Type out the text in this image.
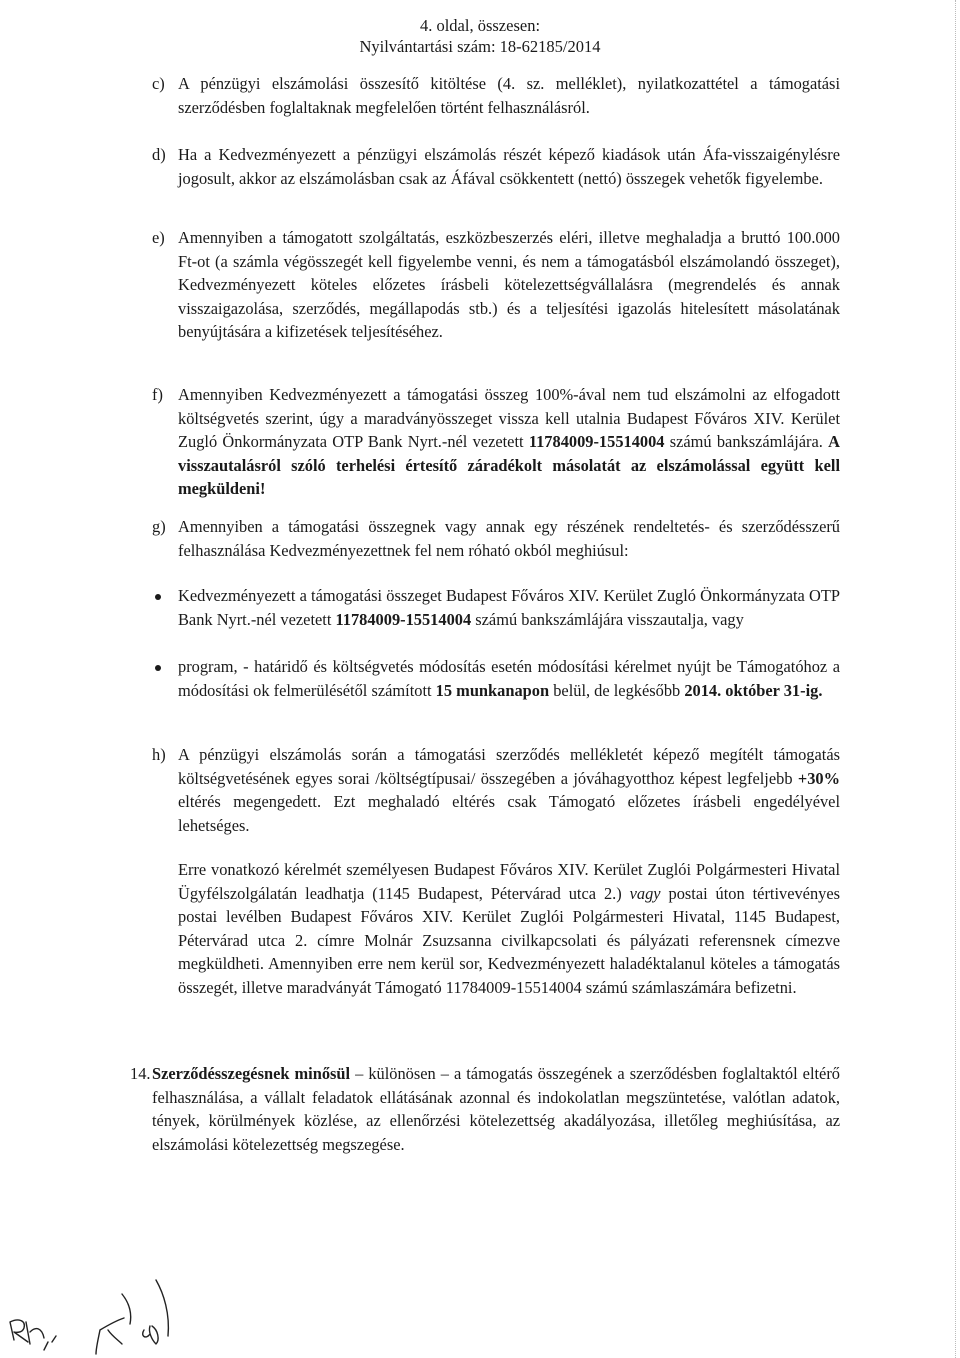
4. oldal, összesen:
Nyilvántartási szám: 18-62185/2014
c) A pénzügyi elszámolási összesítő kitöltése (4. sz. melléklet), nyilatkozattétel a támogatási szerződésben foglaltaknak megfelelően történt felhasználásról.
d) Ha a Kedvezményezett a pénzügyi elszámolás részét képező kiadások után Áfa-visszaigénylésre jogosult, akkor az elszámolásban csak az Áfával csökkentett (nettó) összegek vehetők figyelembe.
e) Amennyiben a támogatott szolgáltatás, eszközbeszerzés eléri, illetve meghaladja a bruttó 100.000 Ft-ot (a számla végösszegét kell figyelembe venni, és nem a támogatásból elszámolandó összeget), Kedvezményezett köteles előzetes írásbeli kötelezettségvállalásra (megrendelés és annak visszaigazolása, szerződés, megállapodás stb.) és a teljesítési igazolás hitelesített másolatának benyújtására a kifizetések teljesítéséhez.
f) Amennyiben Kedvezményezett a támogatási összeg 100%-ával nem tud elszámolni az elfogadott költségvetés szerint, úgy a maradványösszeget vissza kell utalnia Budapest Főváros XIV. Kerület Zugló Önkormányzata OTP Bank Nyrt.-nél vezetett 11784009-15514004 számú bankszámlájára. A visszautalásról szóló terhelési értesítő záradékolt másolatát az elszámolással együtt kell megküldeni!
g) Amennyiben a támogatási összegnek vagy annak egy részének rendeltetés- és szerződésszerű felhasználása Kedvezményezettnek fel nem róható okból meghiúsul:
Kedvezményezett a támogatási összeget Budapest Főváros XIV. Kerület Zugló Önkormányzata OTP Bank Nyrt.-nél vezetett 11784009-15514004 számú bankszámlájára visszautalja, vagy
program, - határidő és költségvetés módosítás esetén módosítási kérelmet nyújt be Támogatóhoz a módosítási ok felmerülésétől számított 15 munkanapon belül, de legkésőbb 2014. október 31-ig.
h) A pénzügyi elszámolás során a támogatási szerződés mellékletét képező megítélt támogatás költségvetésének egyes sorai /költségtípusai/ összegében a jóváhagyotthoz képest legfeljebb +30% eltérés megengedett. Ezt meghaladó eltérés csak Támogató előzetes írásbeli engedélyével lehetséges.
Erre vonatkozó kérelmét személyesen Budapest Főváros XIV. Kerület Zuglói Polgármesteri Hivatal Ügyfélszolgálatán leadhatja (1145 Budapest, Pétervárad utca 2.) vagy postai úton tértivevényes postai levélben Budapest Főváros XIV. Kerület Zuglói Polgármesteri Hivatal, 1145 Budapest, Pétervárad utca 2. címre Molnár Zsuzsanna civilkapcsolati és pályázati referensnek címezve megküldheti. Amennyiben erre nem kerül sor, Kedvezményezett haladéktalanul köteles a támogatás összegét, illetve maradványát Támogató 11784009-15514004 számú számlaszámára befizetni.
14. Szerződésszegésnek minősül – különösen – a támogatás összegének a szerződésben foglaltaktól eltérő felhasználása, a vállalt feladatok ellátásának azonnal és indokolatlan megszüntetése, valótlan adatok, tények, körülmények közlése, az ellenőrzési kötelezettség akadályozása, illetőleg meghiúsítása, az elszámolási kötelezettség megszegése.
